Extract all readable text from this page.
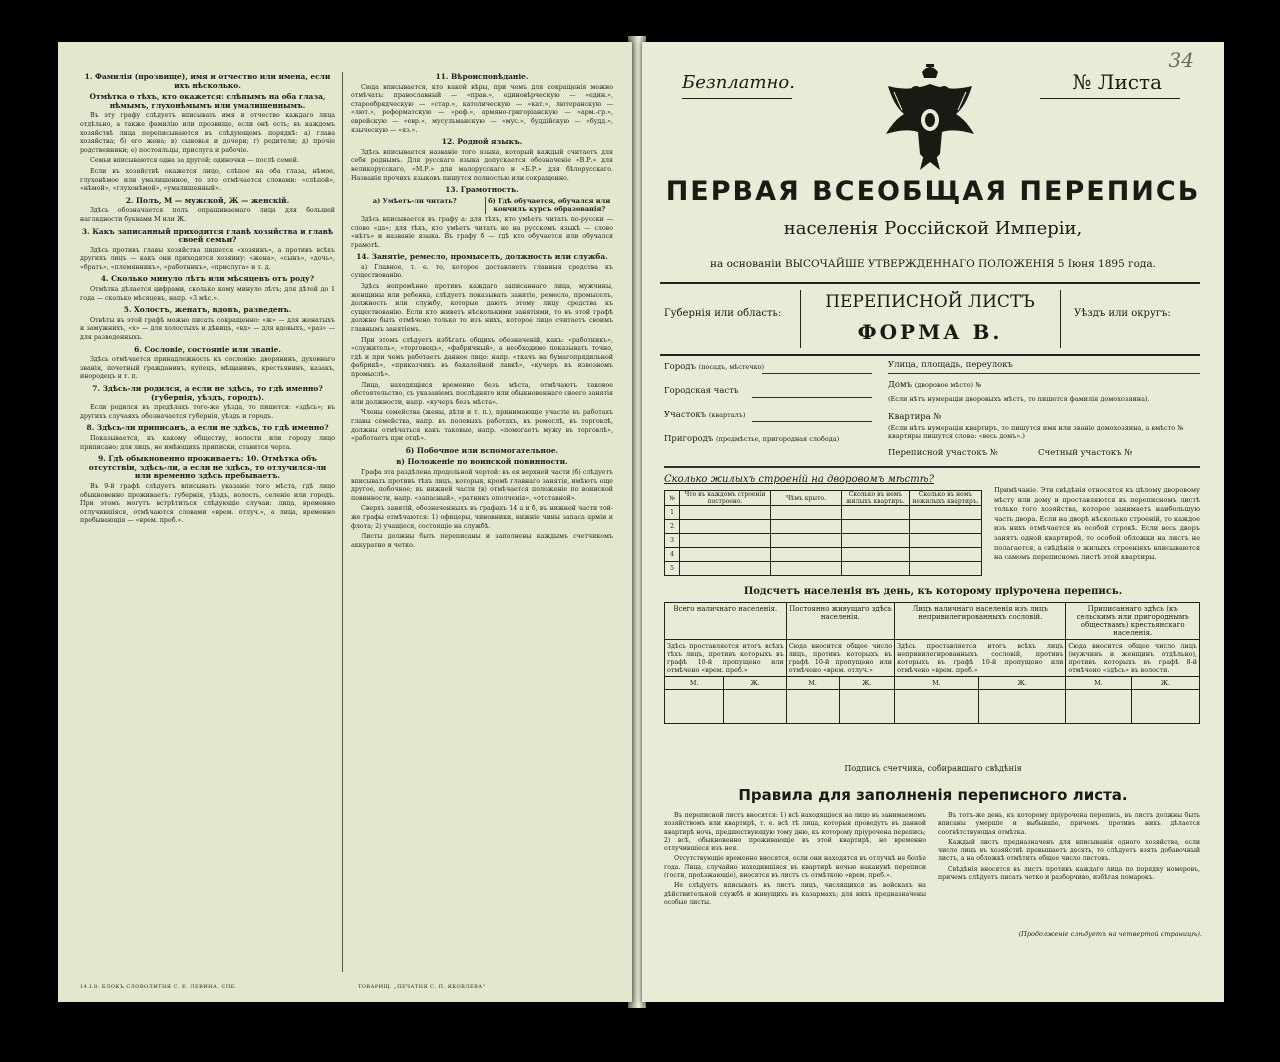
1. Фамилія (прозвище), имя и отчество или имена, если ихъ нѣсколько.
Отмѣтка о тѣхъ, кто окажется: слѣпымъ на оба глаза, нѣмымъ, глухонѣмымъ или умалишеннымъ.

Въ эту графу слѣдуетъ вписывать имя и отчество каждаго лица отдѣльно, а также фамилію или прозвище, если онѣ есть; въ каждомъ хозяйствѣ лица переписываются въ слѣдующемъ порядкѣ: а) глава хозяйства; б) его жена; в) сыновья и дочери; г) родители; д) прочіе родственники; е) постояльцы, прислуга и рабочіе.

Семьи вписываются одна за другой; одиночки — послѣ семей.

Если въ хозяйствѣ окажется лицо, слѣпое на оба глаза, нѣмое, глухонѣмое или умалишенное, то это отмѣчается словами: «слѣпой», «нѣмой», «глухонѣмой», «умалишенный».

2. Полъ, М — мужской, Ж — женскій.

Здѣсь обозначается полъ опрашиваемаго лица для большей наглядности буквами М или Ж.

3. Какъ записанный приходится главѣ хозяйства и главѣ своей семьи?

Здѣсь противъ главы хозяйства пишется «хозяинъ», а противъ всѣхъ другихъ лицъ — какъ они приходятся хозяину: «жена», «сынъ», «дочь», «братъ», «племянникъ», «работникъ», «прислуга» и т. д.

4. Сколько минуло лѣтъ или мѣсяцевъ отъ роду?

Отмѣтка дѣлается цифрами, сколько кому минуло лѣтъ; для дѣтей до 1 года — сколько мѣсяцевъ, напр. «3 мѣс.».

5. Холостъ, женатъ, вдовъ, разведенъ.

Отвѣты въ этой графѣ можно писать сокращенно: «ж» — для женатыхъ и замужнихъ, «х» — для холостыхъ и дѣвицъ, «вд» — для вдовыхъ, «раз» — для разведенныхъ.

6. Сословіе, состояніе или званіе.

Здѣсь отмѣчается принадлежность къ сословію: дворянинъ, духовнаго званія, почетный гражданинъ, купецъ, мѣщанинъ, крестьянинъ, казакъ, инородецъ и т. п.

7. Здѣсь-ли родился, а если не здѣсь, то гдѣ именно? (губернія, уѣздъ, городъ).

Если родился въ предѣлахъ того-же уѣзда, то пишется: «здѣсь»; въ другихъ случаяхъ обозначается губернія, уѣздъ и городъ.

8. Здѣсь-ли приписанъ, а если не здѣсь, то гдѣ именно?

Показывается, къ какому обществу, волости или городу лицо приписано; для лицъ, не имѣющихъ приписки, ставится черта.

9. Гдѣ обыкновенно проживаетъ: 10. Отмѣтка объ отсутствіи, здѣсь-ли, а если не здѣсь, то отлучился-ли или временно здѣсь пребываетъ.

Въ 9-й графѣ слѣдуетъ вписывать указаніе того мѣста, гдѣ лицо обыкновенно проживаетъ: губернія, уѣздъ, волость, селеніе или городъ. При этомъ могутъ встрѣтиться слѣдующіе случаи: лица, временно отлучившіяся, отмѣчаются словами «врем. отлуч.», а лица, временно пребывающія — «врем. преб.».

11. Вѣроисповѣданіе.

Сюда вписывается, кто какой вѣры, при чемъ для сокращенія можно отмѣчать: православный — «прав.», единовѣрческую — «един.», старообрядческую — «стар.», католическую — «кат.», лютеранскую — «лют.», реформатскую — «реф.», армяно-григоріанскую — «арм.-гр.», еврейскую — «евр.», мусульманскую — «мус.», буддійскую — «будд.», языческую — «яз.».

12. Родной языкъ.

Здѣсь вписывается названіе того языка, который каждый считаетъ для себя роднымъ. Для русскаго языка допускается обозначеніе «В.Р.» для великорусскаго, «М.Р.» для малорусскаго и «Б.Р.» для бѣлорусскаго. Названія прочихъ языковъ пишутся полностью или сокращенно.

13. Грамотность.
а) Умѣетъ-ли читать?	б) Гдѣ обучается, обучался или кончилъ курсъ образованія?

Здѣсь вписывается въ графу а: для тѣхъ, кто умѣетъ читать по-русски — слово «да»; для тѣхъ, кто умѣетъ читать не на русскомъ языкѣ — слово «нѣтъ» и названіе языка. Въ графу б — гдѣ кто обучается или обучался грамотѣ.

14. Занятіе, ремесло, промыселъ, должность или служба.

а) Главное, т. е. то, которое доставляетъ главныя средства къ существованію.

Здѣсь непремѣнно противъ каждаго записаннаго лица, мужчины, женщины или ребенка, слѣдуетъ показывать занятіе, ремесло, промыселъ, должность или службу, которые даютъ этому лицу средства къ существованію. Если кто живетъ нѣсколькими занятіями, то въ этой графѣ должно быть отмѣчено только то изъ нихъ, которое лицо считаетъ своимъ главнымъ занятіемъ.

При этомъ слѣдуетъ избѣгать общихъ обозначеній, какъ: «работникъ», «служитель», «торговецъ», «фабричный», а необходимо показывать точно, гдѣ и при чемъ работаетъ данное лицо: напр. «ткачъ на бумагопрядильной фабрикѣ», «приказчикъ въ бакалейной лавкѣ», «кучеръ въ извозномъ промыслѣ».

Лица, находящіяся временно безъ мѣста, отмѣчаютъ таковое обстоятельство, съ указаніемъ послѣдняго или обыкновеннаго своего занятія или должности, напр. «кучеръ безъ мѣста».

Члены семейства (жены, дѣти и т. п.), принимающіе участіе въ работахъ главы семейства, напр. въ полевыхъ работахъ, въ ремеслѣ, въ торговлѣ, должны отмѣчаться какъ таковые, напр. «помогаетъ мужу въ торговлѣ», «работаетъ при отцѣ».

б) Побочное или вспомогательное.
в) Положеніе по воинской повинности.

Графа эта раздѣлена продольной чертой: въ ея верхней части (б) слѣдуетъ вписывать противъ тѣхъ лицъ, которыя, кромѣ главнаго занятія, имѣютъ еще другое, побочное; въ нижней части (в) отмѣчается положеніе по воинской повинности, напр. «запасный», «ратникъ ополченія», «отставной».

Сверхъ занятій, обозначенныхъ въ графахъ 14 а и б, въ нижней части той-же графы отмѣчаются: 1) офицеры, чиновники, нижніе чины запаса армiи и флота; 2) учащіеся, состоящіе на службѣ.

Листы должны быть переписаны и заполнены каждымъ счетчикомъ аккуратно и четко.

14.I.8. БЛОКЪ СЛОВОЛИТНЯ С. Е. ЛЕВИНА, СПБ.	ТОВАРИЩ. „ПЕЧАТНЯ С. П. ЯКОВЛЕВА"
Безплатно.	№ Листа
34
ПЕРВАЯ ВСЕОБЩАЯ ПЕРЕПИСЬ
населенія Россійской Имперіи,
на основаніи ВЫСОЧАЙШЕ УТВЕРЖДЕННАГО ПОЛОЖЕНІЯ 5 Іюня 1895 года.
Губернія или область:
ПЕРЕПИСНОЙ ЛИСТЪ
ФОРМА В.
Уѣздъ или округъ:
Городъ (посадъ, мѣстечко)
Городская часть
Участокъ (кварталъ)
Пригородъ (предмѣстье, пригородная слобода)
Улица, площадь, переулокъ
Домъ (дворовое мѣсто) №
(Если нѣтъ нумераціи дворовыхъ мѣстъ, то пишется фамилія домохозяина).
Квартира №
(Если нѣтъ нумераціи квартиръ, то пишутся имя или званіе домохозяина, а вмѣсто № квартиры пишутся слова: «весь домъ».)
Переписной участокъ №	Счетный участокъ №
Сколько жилыхъ строеній на дворовомъ мѣстѣ?
№	Что въ каждомъ строеніи построено.	Чѣмъ крыто.	Сколько въ немъ жилыхъ квартиръ.	Сколько въ немъ нежилыхъ квартиръ.
1				
2				
3				
4				
5				
Примѣчаніе. Эти свѣдѣнія относятся къ цѣлому дворовому мѣсту или дому и проставляются въ переписномъ листѣ только того хозяйства, которое занимаетъ наибольшую часть двора. Если на дворѣ нѣсколько строеній, то каждое изъ нихъ отмѣчается въ особой строкѣ. Если весь дворъ занятъ одной квартирой, то особой обложки на листъ не полагается, а свѣдѣнія о жилыхъ строеніяхъ вписываются на самомъ переписномъ листѣ этой квартиры.
Подсчетъ населенія въ день, къ которому пріурочена перепись.
Всего наличнаго населенія.		Постоянно живущаго здѣсь населенія.		Лицъ наличнаго населенія изъ лицъ непривилегированныхъ сословій.		Приписаннаго здѣсь (къ сельскимъ или пригороднымъ обществамъ) крестьянскаго населенія.	
Здѣсь проставляется итогъ всѣхъ тѣхъ лицъ, противъ которыхъ въ графѣ 10-й пропущено или отмѣчено «врем. преб.»		Сюда вносится общее число лицъ, противъ которыхъ въ графѣ 10-й пропущено или отмѣчено «врем. отлуч.»		Здѣсь проставляется итогъ всѣхъ лицъ непривилегированныхъ сословій, противъ которыхъ въ графѣ 10-й пропущено или отмѣчено «врем. преб.»		Сюда вносится общее число лицъ (мужчинъ и женщинъ отдѣльно), противъ которыхъ въ графѣ 8-й отмѣчено «здѣсь» въ волости.	
М.	Ж.	М.	Ж.	М.	Ж.	М.	Ж.

Подпись счетчика, собиравшаго свѣдѣнія
Правила для заполненія переписного листа.

Въ переписной листъ вносятся: 1) всѣ находящіеся на лицо въ занимаемомъ хозяйствомъ или квартирѣ, т. е. всѣ тѣ лица, которыя проведутъ въ данной квартирѣ ночь, предшествующую тому дню, къ которому пріурочена перепись; 2) всѣ, обыкновенно проживающіе въ этой квартирѣ, но временно отлучившіеся изъ нея.

Отсутствующіе временно вносятся, если они находятся въ отлучкѣ не болѣе года. Лица, случайно находившіяся въ квартирѣ ночью наканунѣ переписи (гости, проѣзжающіе), вносятся въ листъ съ отмѣткою «врем. преб.».

Не слѣдуетъ вписывать въ листъ лицъ, числящихся въ войскахъ на дѣйствительной службѣ и живущихъ въ казармахъ; для нихъ предназначены особые листы.

Въ тотъ-же день, къ которому пріурочена перепись, въ листъ должны быть вписаны умершіе и выбывшіе, причемъ противъ нихъ дѣлается соотвѣтствующая отмѣтка.

Каждый листъ предназначенъ для вписыванія одного хозяйства, если число лицъ въ хозяйствѣ превышаетъ десять, то слѣдуетъ взять добавочный листъ, а на обложкѣ отмѣтить общее число листовъ.

Свѣдѣнія вносятся въ листъ противъ каждаго лица по порядку номеровъ, причемъ слѣдуетъ писать четко и разборчиво, избѣгая помарокъ.

(Продолженіе слѣдуетъ на четвертой страницѣ).
